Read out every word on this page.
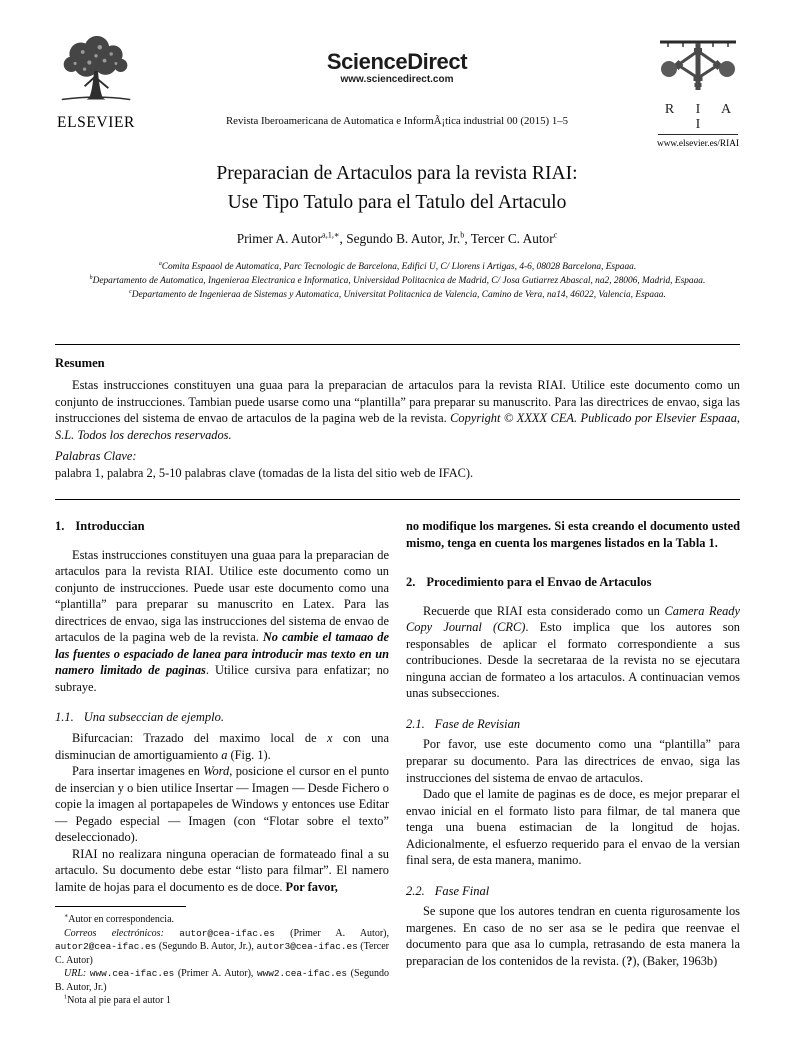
ELSEVIER
ScienceDirect
www.sciencedirect.com
Revista Iberoamericana de Automatica e InformÃ¡tica industrial 00 (2015) 1–5
R I A I
www.elsevier.es/RIAI
Preparacian de Artaculos para la revista RIAI:
Use Tipo Tatulo para el Tatulo del Artaculo
Primer A. Autor$^{a,1,∗}$, Segundo B. Autor, Jr.$^b$, Tercer C. Autor$^c$
$^a$Comita Espaaol de Automatica, Parc Tecnologic de Barcelona, Edifici U, C/ Llorens i Artigas, 4-6, 08028 Barcelona, Espaaa.
$^b$Departamento de Automatica, Ingenieraa Electranica e Informatica, Universidad Politacnica de Madrid, C/ Josa Gutiarrez Abascal, na2, 28006, Madrid, Espaaa.
$^c$Departamento de Ingenieraa de Sistemas y Automatica, Universitat Politacnica de Valencia, Camino de Vera, na14, 46022, Valencia, Espaaa.
Resumen
Estas instrucciones constituyen una guaa para la preparacian de artaculos para la revista RIAI. Utilice este documento como un conjunto de instrucciones. Tambian puede usarse como una “plantilla” para preparar su manuscrito. Para las directrices de envao, siga las instrucciones del sistema de envao de artaculos de la pagina web de la revista. Copyright © XXXX CEA. Publicado por Elsevier Espaaa, S.L. Todos los derechos reservados.
Palabras Clave:
palabra 1, palabra 2, 5-10 palabras clave (tomadas de la lista del sitio web de IFAC).
1. Introduccian

Estas instrucciones constituyen una guaa para la preparacian de artaculos para la revista RIAI. Utilice este documento como un conjunto de instrucciones. Puede usar este documento como una “plantilla” para preparar su manuscrito en Latex. Para las directrices de envao, siga las instrucciones del sistema de envao de artaculos de la pagina web de la revista. No cambie el tamaao de las fuentes o espaciado de lanea para introducir mas texto en un namero limitado de paginas. Utilice cursiva para enfatizar; no subraye.

1.1. Una subseccian de ejemplo.

Bifurcacian: Trazado del maximo local de x con una disminucian de amortiguamiento a (Fig. 1).

Para insertar imagenes en Word, posicione el cursor en el punto de insercian y o bien utilice Insertar — Imagen — Desde Fichero o copie la imagen al portapapeles de Windows y entonces use Editar — Pegado especial — Imagen (con “Flotar sobre el texto” deseleccionado).

RIAI no realizara ninguna operacian de formateado final a su artaculo. Su documento debe estar “listo para filmar”. El namero lamite de hojas para el documento es de doce. Por favor,

∗Autor en correspondencia.

Correos electrónicos: autor@cea-ifac.es (Primer A. Autor), autor2@cea-ifac.es (Segundo B. Autor, Jr.), autor3@cea-ifac.es (Tercer C. Autor)

URL: www.cea-ifac.es (Primer A. Autor), www2.cea-ifac.es (Segundo B. Autor, Jr.)

$^1$Nota al pie para el autor 1

no modifique los margenes. Si esta creando el documento usted mismo, tenga en cuenta los margenes listados en la Tabla 1.

2. Procedimiento para el Envao de Artaculos

Recuerde que RIAI esta considerado como un Camera Ready Copy Journal (CRC). Esto implica que los autores son responsables de aplicar el formato correspondiente a sus contribuciones. Desde la secretaraa de la revista no se ejecutara ninguna accian de formateo a los artaculos. A continuacian vemos unas subsecciones.

2.1. Fase de Revisian

Por favor, use este documento como una “plantilla” para preparar su documento. Para las directrices de envao, siga las instrucciones del sistema de envao de artaculos.

Dado que el lamite de paginas es de doce, es mejor preparar el envao inicial en el formato listo para filmar, de tal manera que tenga una buena estimacian de la longitud de hojas. Adicionalmente, el esfuerzo requerido para el envao de la versian final sera, de esta manera, manimo.

2.2. Fase Final

Se supone que los autores tendran en cuenta rigurosamente los margenes. En caso de no ser asa se le pedira que reenvae el documento para que asa lo cumpla, retrasando de esta manera la preparacian de los contenidos de la revista. (?), (Baker, 1963b)
